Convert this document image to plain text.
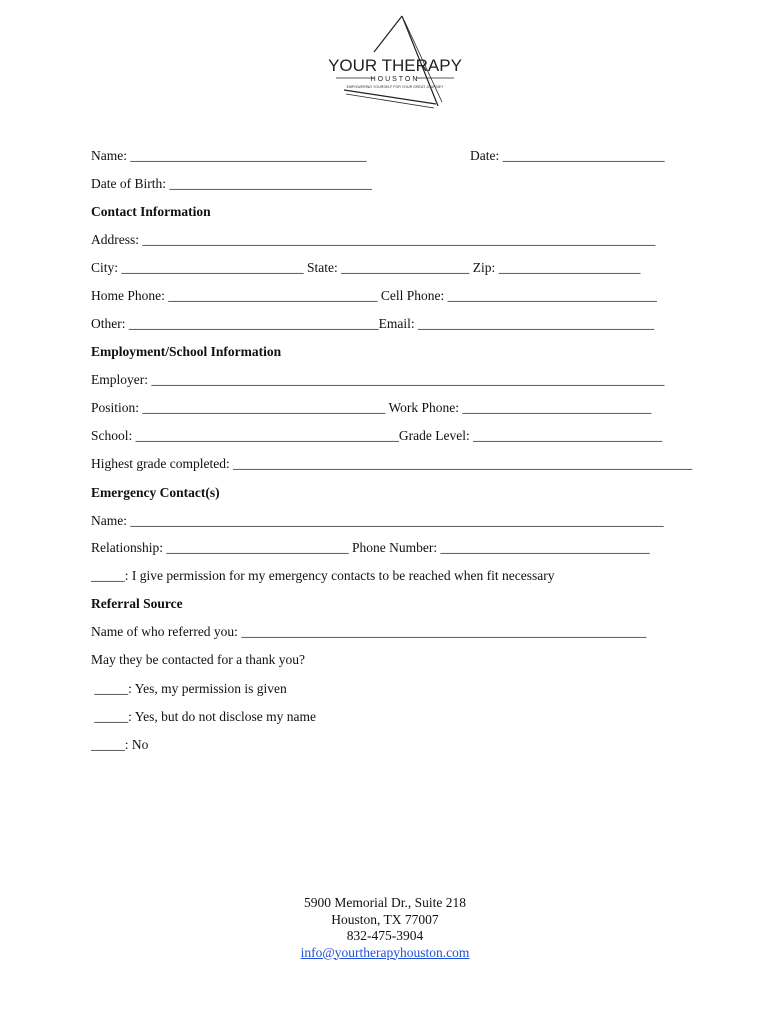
YOUR THERAPY
HOUSTON
EMPOWERING YOURSELF FOR YOUR GREAT JOURNEY
Name: ___________________________________	Date: ________________________
Date of Birth: ______________________________
Contact Information
Address: ____________________________________________________________________________
City: ___________________________ State: ___________________ Zip: _____________________
Home Phone: _______________________________ Cell Phone: _______________________________
Other: _____________________________________Email: ___________________________________
Employment/School Information
Employer: ____________________________________________________________________________
Position: ____________________________________ Work Phone: ____________________________
School: _______________________________________Grade Level: ____________________________
Highest grade completed: ____________________________________________________________________
Emergency Contact(s)
Name: _______________________________________________________________________________
Relationship: ___________________________ Phone Number: _______________________________
_____: I give permission for my emergency contacts to be reached when fit necessary
Referral Source
Name of who referred you: ____________________________________________________________
May they be contacted for a thank you?
_____: Yes, my permission is given
_____: Yes, but do not disclose my name
_____: No
5900 Memorial Dr., Suite 218
Houston, TX 77007
832-475-3904
info@yourtherapyhouston.com
